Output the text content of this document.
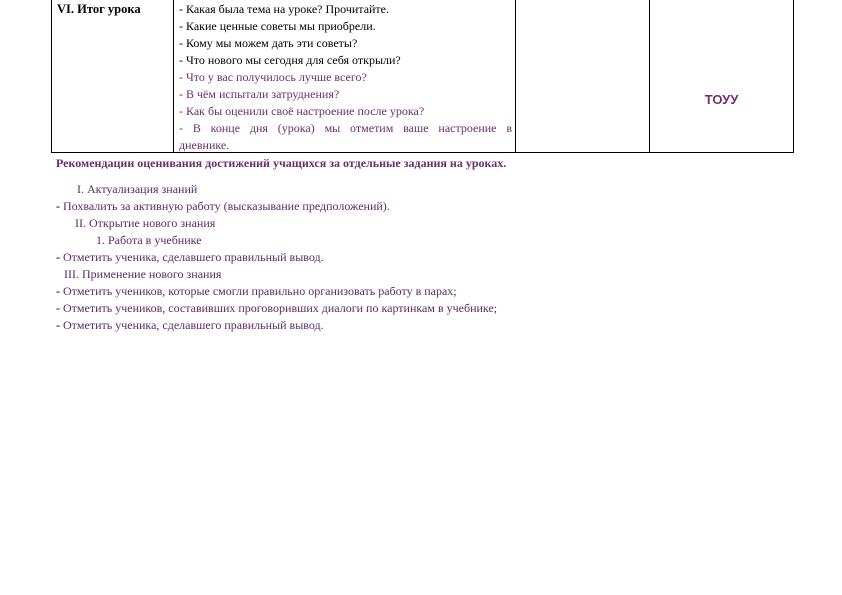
VI. Итог урока	- Какая была тема на уроке? Прочитайте.
- Какие ценные советы мы приобрели.
- Кому мы можем дать эти советы?
- Что нового мы сегодня для себя открыли?
- Что у вас получилось лучше всего?
- В чём испытали затруднения?
- Как бы оценили своё настроение после урока?
- В конце дня (урока) мы отметим ваше настроение в
дневнике.
ТОУУ
Рекомендации оценивания достижений учащихся за отдельные задания на уроках.
I. Актуализация знаний
- Похвалить за активную работу (высказывание предположений).
II. Открытие нового знания
1. Работа в учебнике
- Отметить ученика, сделавшего правильный вывод.
III. Применение нового знания
- Отметить учеников, которые смогли правильно организовать работу в парах;
- Отметить учеников, составивших проговоривших диалоги по картинкам в учебнике;
- Отметить ученика, сделавшего правильный вывод.
